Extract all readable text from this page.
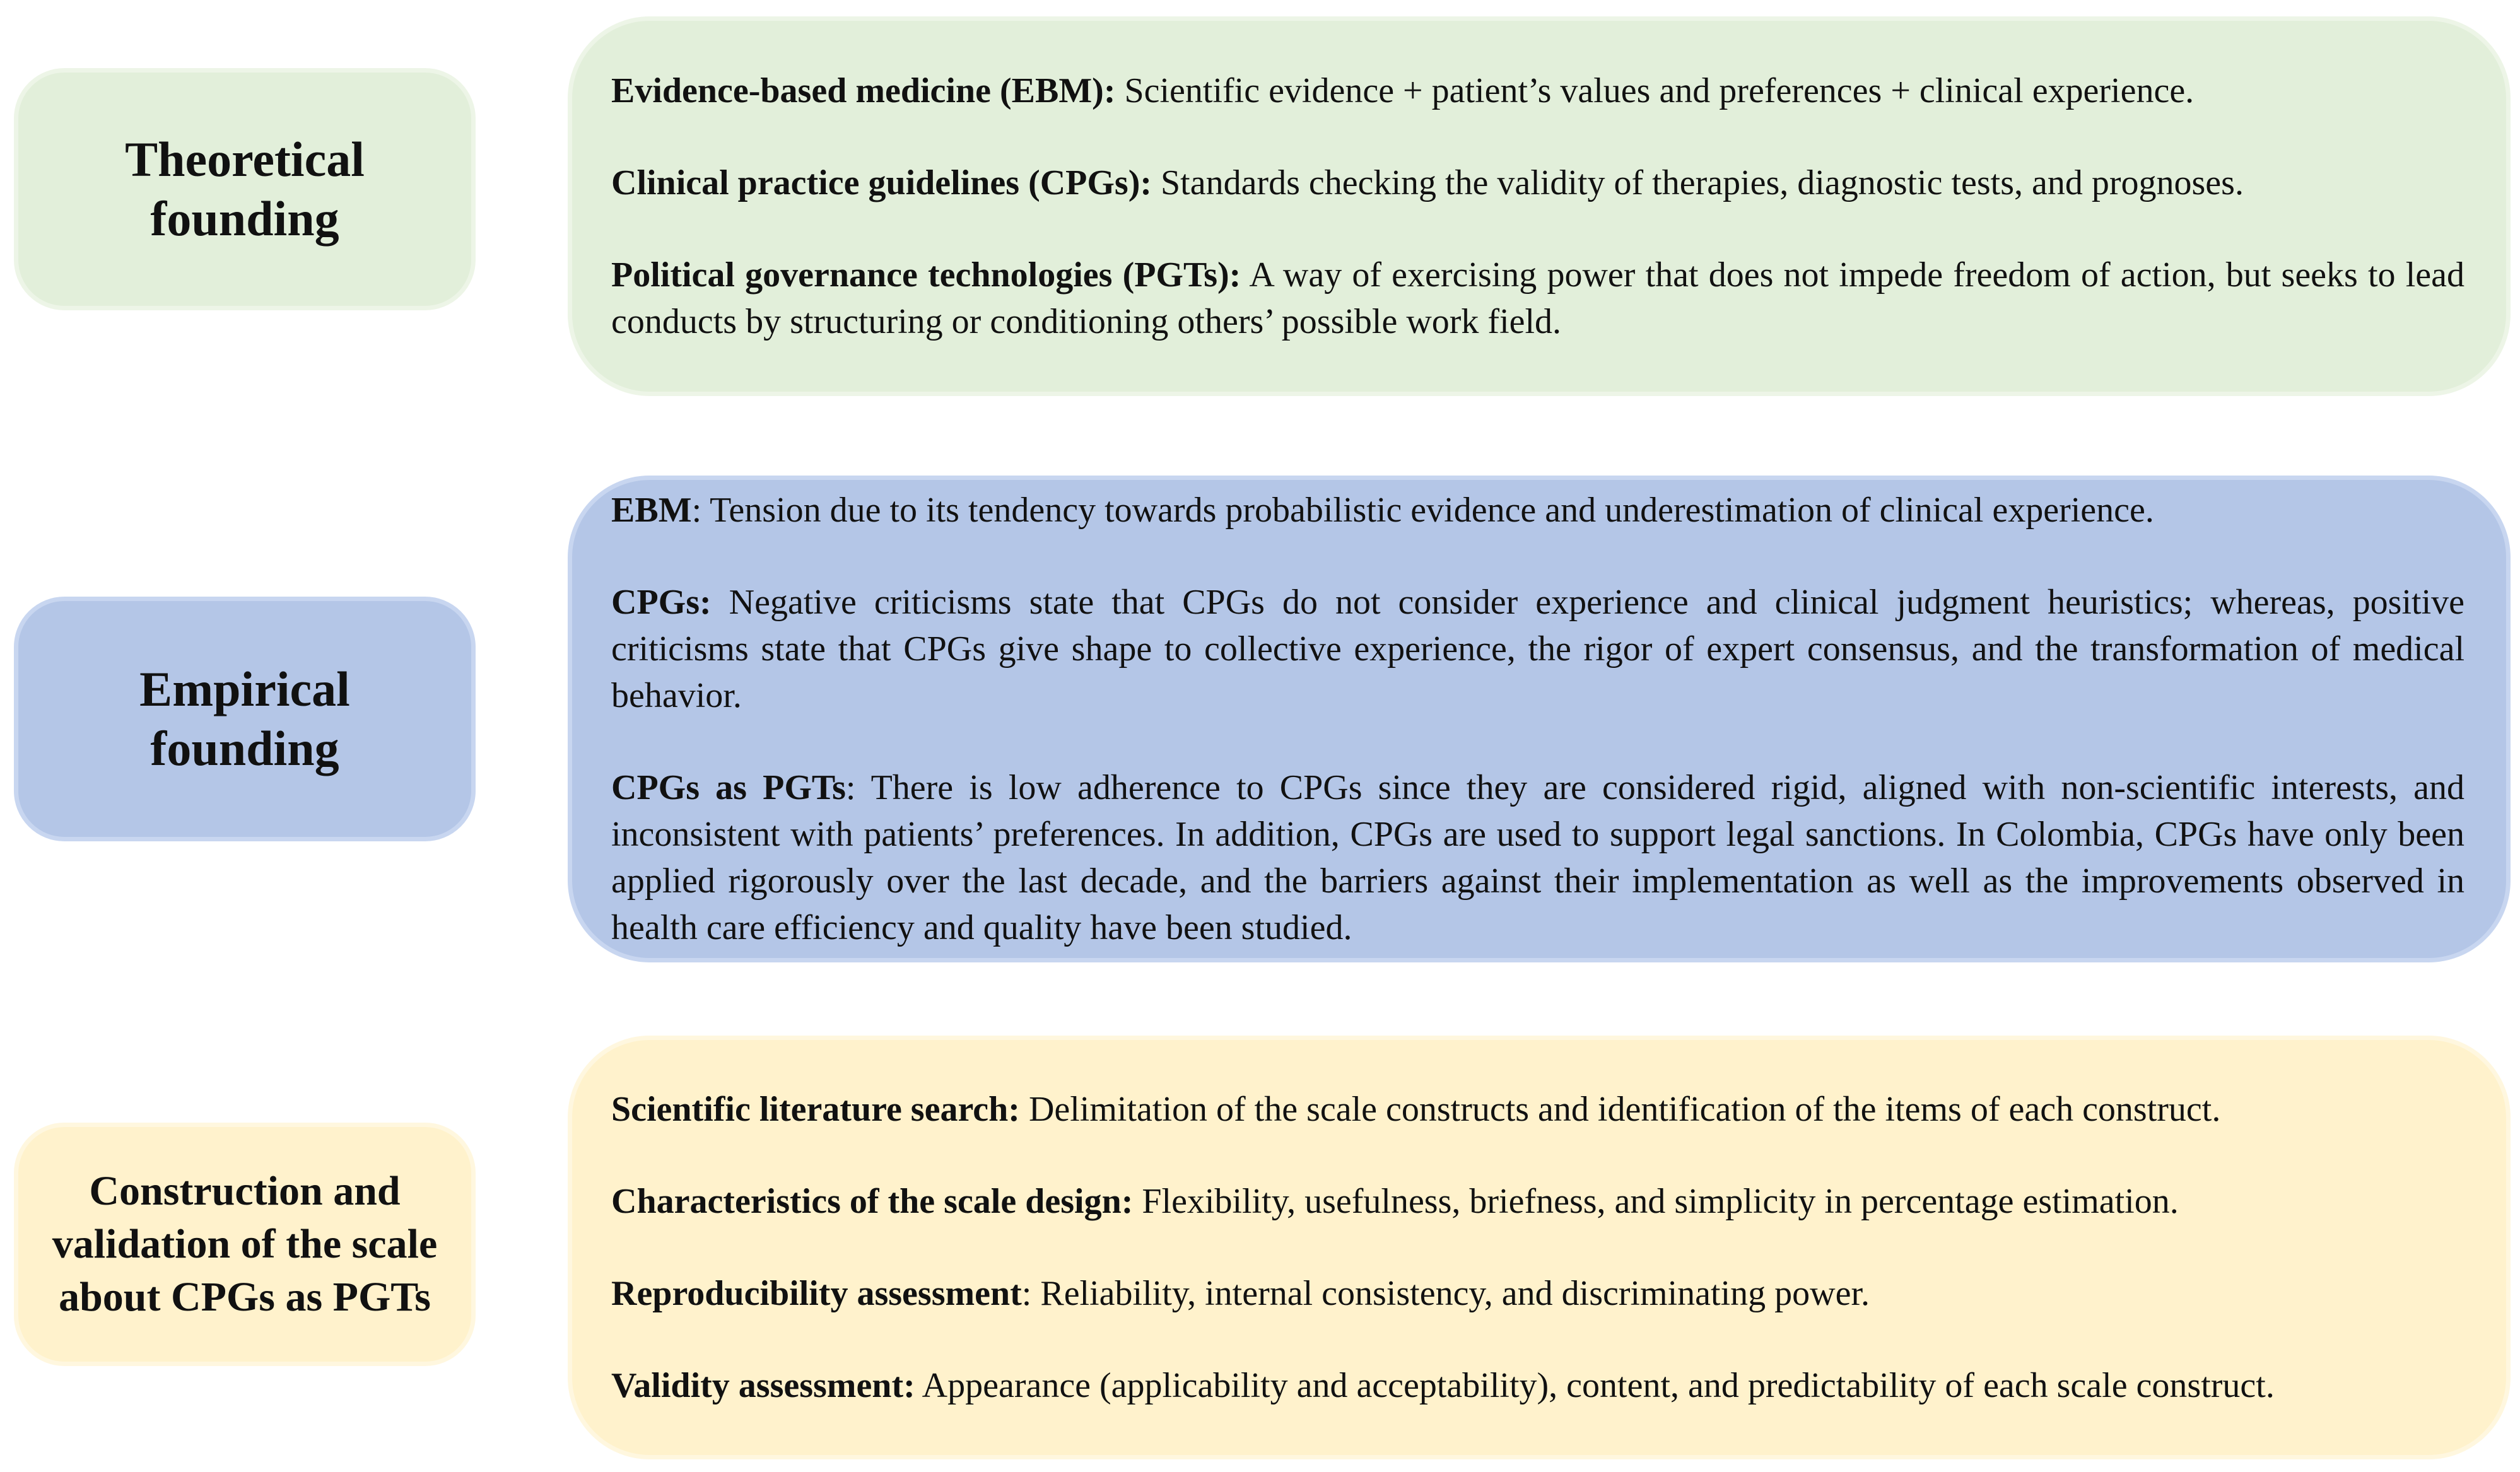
Theoretical founding

Evidence-based medicine (EBM): Scientific evidence + patient’s values and preferences + clinical experience.

Clinical practice guidelines (CPGs): Standards checking the validity of therapies, diagnostic tests, and prognoses.

Political governance technologies (PGTs): A way of exercising power that does not impede freedom of action, but seeks to lead conducts by structuring or conditioning others’ possible work field.

Empirical founding

EBM: Tension due to its tendency towards probabilistic evidence and underestimation of clinical experience.

CPGs: Negative criticisms state that CPGs do not consider experience and clinical judgment heuristics; whereas, positive criticisms state that CPGs give shape to collective experience, the rigor of expert consensus, and the transformation of medical behavior.

CPGs as PGTs: There is low adherence to CPGs since they are considered rigid, aligned with non-scientific interests, and inconsistent with patients’ preferences. In addition, CPGs are used to support legal sanctions. In Colombia, CPGs have only been applied rigorously over the last decade, and the barriers against their implementation as well as the improvements observed in health care efficiency and quality have been studied.

Construction and validation of the scale about CPGs as PGTs

Scientific literature search: Delimitation of the scale constructs and identification of the items of each construct.

Characteristics of the scale design: Flexibility, usefulness, briefness, and simplicity in percentage estimation.

Reproducibility assessment: Reliability, internal consistency, and discriminating power.

Validity assessment: Appearance (applicability and acceptability), content, and predictability of each scale construct.
